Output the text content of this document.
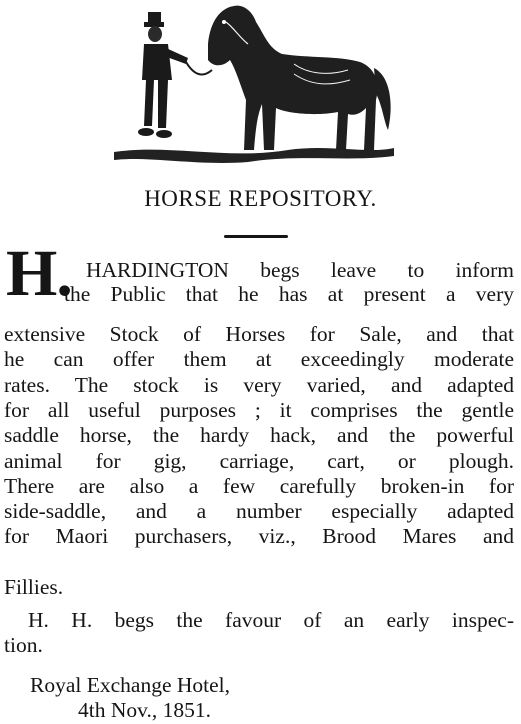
HORSE REPOSITORY.
H. HARDINGTON begs leave to inform
the Public that he has at present a very
extensive Stock of Horses for Sale, and that
he can offer them at exceedingly moderate
rates. The stock is very varied, and adapted
for all useful purposes ; it comprises the gentle
saddle horse, the hardy hack, and the powerful
animal for gig, carriage, cart, or plough.
There are also a few carefully broken-in for
side-saddle, and a number especially adapted
for Maori purchasers, viz., Brood Mares and
Fillies.
H. H. begs the favour of an early inspec-
tion.
Royal Exchange Hotel,
4th Nov., 1851.
